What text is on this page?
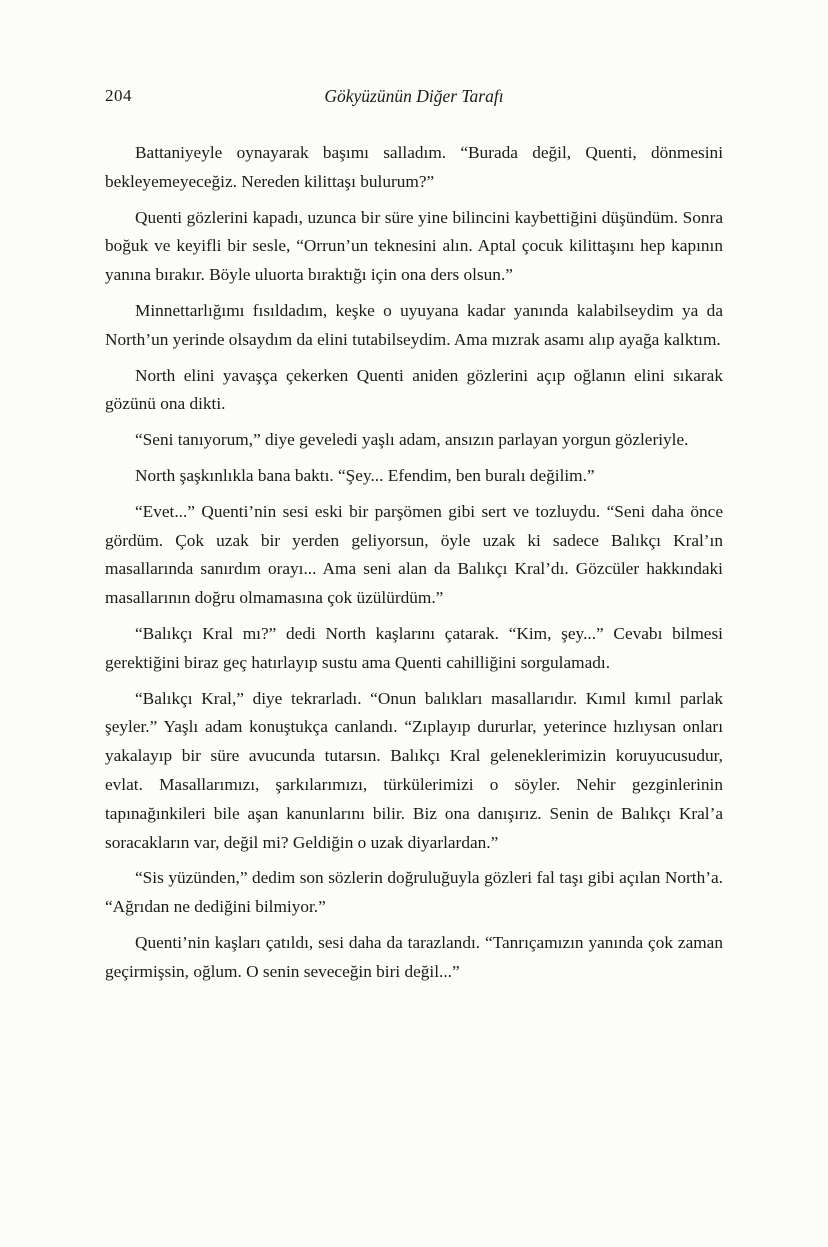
204	Gökyüzünün Diğer Tarafı

Battaniyeyle oynayarak başımı salladım. “Burada değil, Quenti, dönmesini bekleyemeyeceğiz. Nereden kilittaşı bulurum?”

Quenti gözlerini kapadı, uzunca bir süre yine bilincini kaybettiğini düşündüm. Sonra boğuk ve keyifli bir sesle, “Orrun’un teknesini alın. Aptal çocuk kilittaşını hep kapının yanına bırakır. Böyle uluorta bıraktığı için ona ders olsun.”

Minnettarlığımı fısıldadım, keşke o uyuyana kadar yanında kalabilseydim ya da North’un yerinde olsaydım da elini tutabilseydim. Ama mızrak asamı alıp ayağa kalktım.

North elini yavaşça çekerken Quenti aniden gözlerini açıp oğlanın elini sıkarak gözünü ona dikti.

“Seni tanıyorum,” diye geveledi yaşlı adam, ansızın parlayan yorgun gözleriyle.

North şaşkınlıkla bana baktı. “Şey... Efendim, ben buralı değilim.”

“Evet...” Quenti’nin sesi eski bir parşömen gibi sert ve tozluydu. “Seni daha önce gördüm. Çok uzak bir yerden geliyorsun, öyle uzak ki sadece Balıkçı Kral’ın masallarında sanırdım orayı... Ama seni alan da Balıkçı Kral’dı. Gözcüler hakkındaki masallarının doğru olmamasına çok üzülürdüm.”

“Balıkçı Kral mı?” dedi North kaşlarını çatarak. “Kim, şey...” Cevabı bilmesi gerektiğini biraz geç hatırlayıp sustu ama Quenti cahilliğini sorgulamadı.

“Balıkçı Kral,” diye tekrarladı. “Onun balıkları masallarıdır. Kımıl kımıl parlak şeyler.” Yaşlı adam konuştukça canlandı. “Zıplayıp dururlar, yeterince hızlıysan onları yakalayıp bir süre avucunda tutarsın. Balıkçı Kral geleneklerimizin koruyucusudur, evlat. Masallarımızı, şarkılarımızı, türkülerimizi o söyler. Nehir gezginlerinin tapınağınkileri bile aşan kanunlarını bilir. Biz ona danışırız. Senin de Balıkçı Kral’a soracakların var, değil mi? Geldiğin o uzak diyarlardan.”

“Sis yüzünden,” dedim son sözlerin doğruluğuyla gözleri fal taşı gibi açılan North’a. “Ağrıdan ne dediğini bilmiyor.”

Quenti’nin kaşları çatıldı, sesi daha da tarazlandı. “Tanrıçamızın yanında çok zaman geçirmişsin, oğlum. O senin seveceğin biri değil...”
